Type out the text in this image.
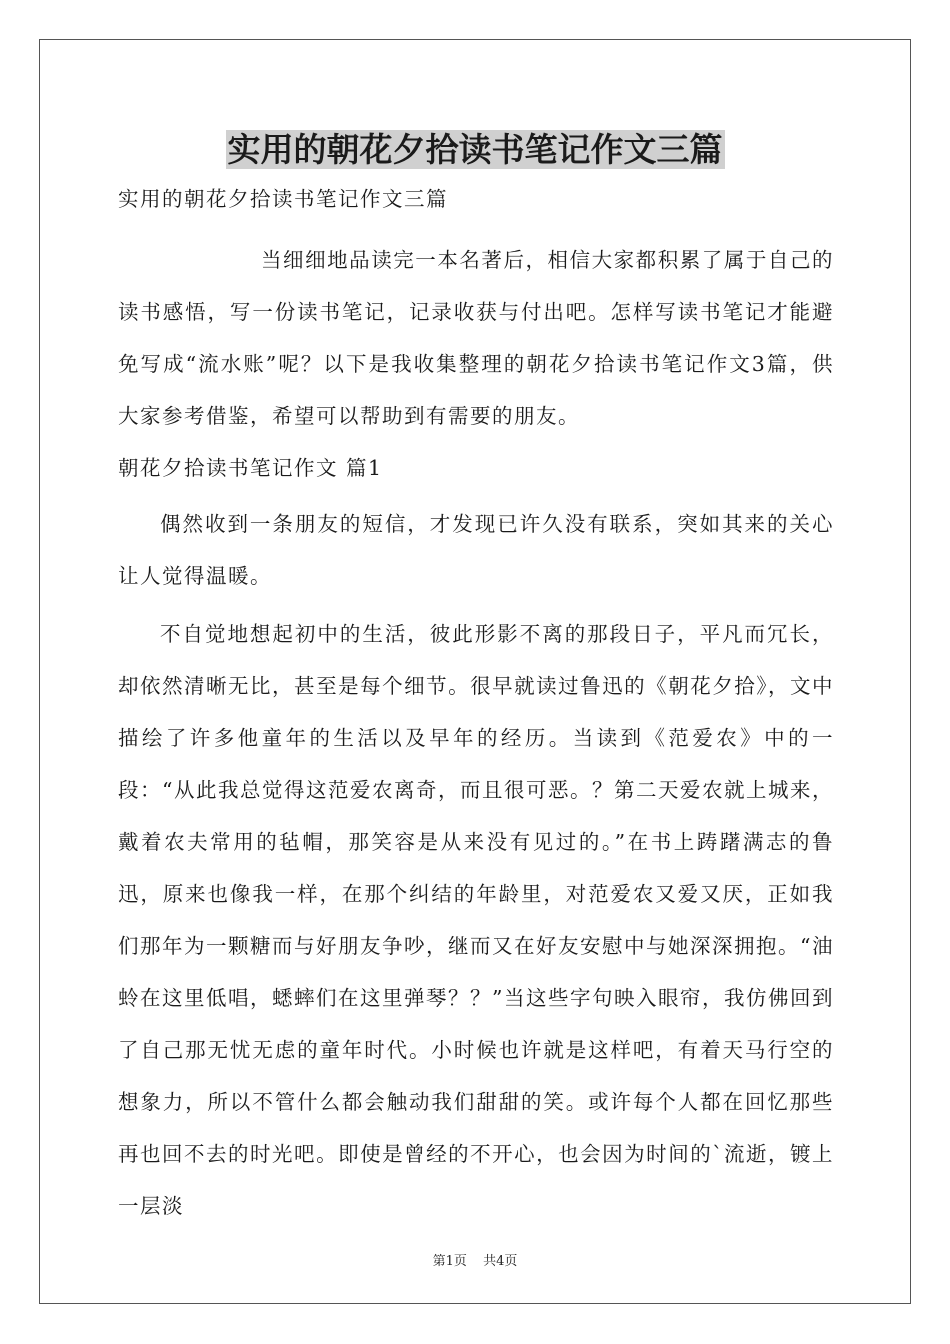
实用的朝花夕拾读书笔记作文三篇

实用的朝花夕拾读书笔记作文三篇

当细细地品读完一本名著后，相信大家都积累了属于自己的读书感悟，写一份读书笔记，记录收获与付出吧。怎样写读书笔记才能避免写成“流水账”呢？以下是我收集整理的朝花夕拾读书笔记作文3篇，供大家参考借鉴，希望可以帮助到有需要的朋友。

朝花夕拾读书笔记作文 篇1

偶然收到一条朋友的短信，才发现已许久没有联系，突如其来的关心让人觉得温暖。

不自觉地想起初中的生活，彼此形影不离的那段日子，平凡而冗长，却依然清晰无比，甚至是每个细节。很早就读过鲁迅的《朝花夕拾》，文中描绘了许多他童年的生活以及早年的经历。当读到《范爱农》中的一段：“从此我总觉得这范爱农离奇，而且很可恶。？第二天爱农就上城来，戴着农夫常用的毡帽，那笑容是从来没有见过的。”在书上踌躇满志的鲁迅，原来也像我一样，在那个纠结的年龄里，对范爱农又爱又厌，正如我们那年为一颗糖而与好朋友争吵，继而又在好友安慰中与她深深拥抱。“油蛉在这里低唱，蟋蟀们在这里弹琴？？”当这些字句映入眼帘，我仿佛回到了自己那无忧无虑的童年时代。小时候也许就是这样吧，有着天马行空的想象力，所以不管什么都会触动我们甜甜的笑。或许每个人都在回忆那些再也回不去的时光吧。即使是曾经的不开心，也会因为时间的`流逝，镀上一层淡

第1页 共4页
